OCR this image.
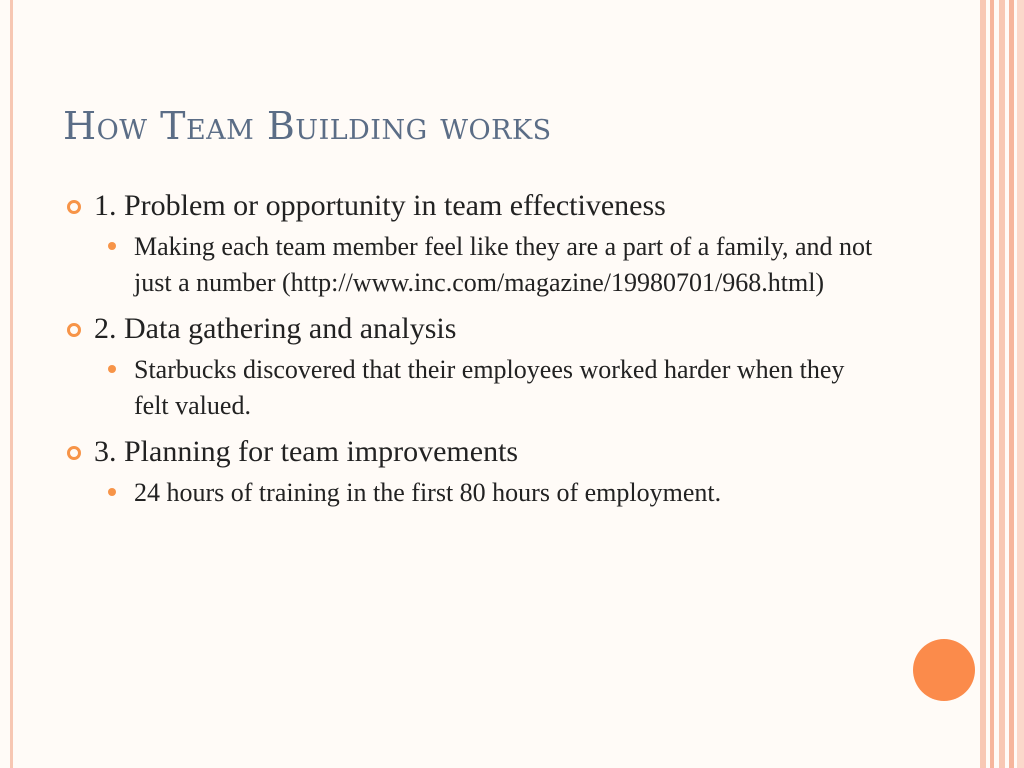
How Team Building works
1. Problem or opportunity in team effectiveness
Making each team member feel like they are a part of a family, and not just a number (http://www.inc.com/magazine/19980701/968.html)
2. Data gathering and analysis
Starbucks discovered that their employees worked harder when they felt valued.
3. Planning for team improvements
24 hours of training in the first 80 hours of employment.
